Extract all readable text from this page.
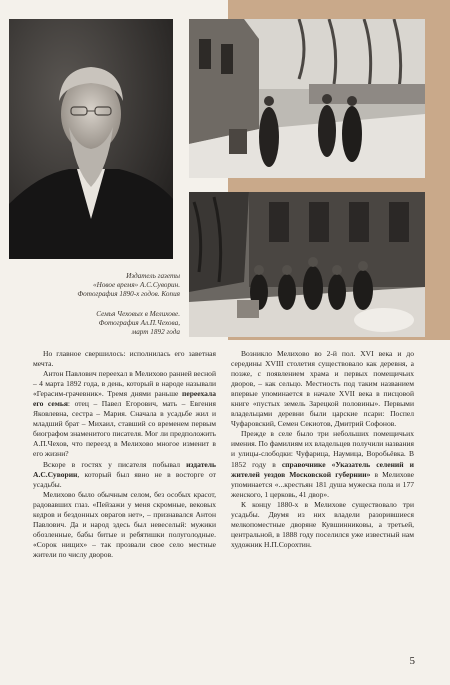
Издатель газеты
«Новое время» А.С.Суворин.
Фотография 1890-х годов. Копия
Семья Чеховых в Мелихове.
Фотография Ал.П.Чехова,
март 1892 года

Но главное свершилось: исполнилась его заветная мечта.

Антон Павлович переехал в Мелихово ранней весной – 4 марта 1892 года, в день, который в народе называли «Герасим-грачевник». Тремя днями раньше переехала его семья: отец – Павел Егорович, мать – Евгения Яковлевна, сестра – Мария. Сначала в усадьбе жил и младший брат – Михаил, ставший со временем первым биографом знаменитого писателя. Мог ли предположить А.П.Чехов, что переезд в Мелихово многое изменит в его жизни?

Вскоре в гостях у писателя побывал издатель А.С.Суворин, который был явно не в восторге от усадьбы.

Мелихово было обычным селом, без особых красот, радовавших глаз. «Пейзажи у меня скромные, вековых кедров и бездонных оврагов нет», – признавался Антон Павлович. Да и народ здесь был невеселый: мужики обозленные, бабы битые и ребятишки полуголодные. «Сорок нищих» – так прозвали свое село местные жители по числу дворов.

Возникло Мелихово во 2-й пол. XVI века и до середины XVIII столетия существовало как деревня, а позже, с появлением храма и первых помещичьих дворов, – как сельцо. Местность под таким названием впервые упоминается в начале XVII века в писцовой книге «пустых земель Зарецкой половины». Первыми владельцами деревни были царские псари: Поспел Чуфаровский, Семен Секиотов, Дмитрий Софонов.

Прежде в селе было три небольших помещичьих имения. По фамилиям их владельцев получили названия и улицы-слободки: Чуфарица, Наумица, Воробьёвка. В 1852 году в справочнике «Указатель селений и жителей уездов Московской губернии» в Мелихове упоминается «...крестьян 181 душа мужеска пола и 177 женского, 1 церковь, 41 двор».

К концу 1880-х в Мелихове существовало три усадьбы. Двумя из них владели разорившиеся мелкопоместные дворяне Кувшинниковы, а третьей, центральной, в 1888 году поселился уже известный нам художник Н.П.Сорохтин.

5
